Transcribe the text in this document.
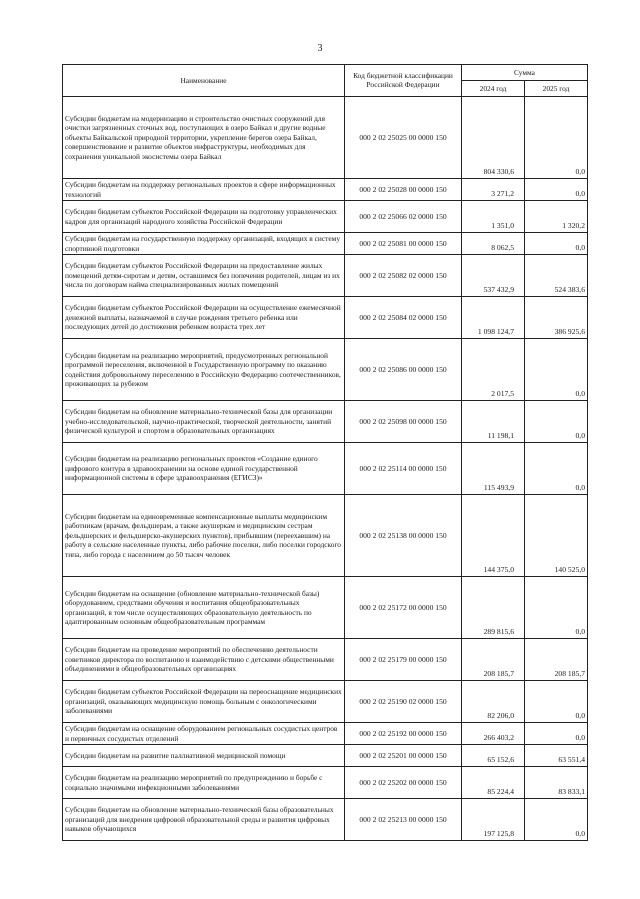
3
Наименование	Код бюджетной классификации Российской Федерации	Сумма	
		2024 год	2025 год
Субсидии бюджетам на модернизацию и строительство очистных сооружений для очистки загрязненных сточных вод, поступающих в озеро Байкал и другие водные объекты Байкальской природной территории, укрепление берегов озера Байкал, совершенствование и развитие объектов инфраструктуры, необходимых для сохранения уникальной экосистемы озера Байкал	000 2 02 25025 00 0000 150	804 330,6	0,0
Субсидии бюджетам на поддержку региональных проектов в сфере информационных технологий	000 2 02 25028 00 0000 150	3 271,2	0,0
Субсидии бюджетам субъектов Российской Федерации на подготовку управленческих кадров для организаций народного хозяйства Российской Федерации	000 2 02 25066 02 0000 150	1 351,0	1 320,2
Субсидии бюджетам на государственную поддержку организаций, входящих в систему спортивной подготовки	000 2 02 25081 00 0000 150	8 062,5	0,0
Субсидии бюджетам субъектов Российской Федерации на предоставление жилых помещений детям-сиротам и детям, оставшимся без попечения родителей, лицам из их числа по договорам найма специализированных жилых помещений	000 2 02 25082 02 0000 150	537 432,9	524 383,6
Субсидии бюджетам субъектов Российской Федерации на осуществление ежемесячной денежной выплаты, назначаемой в случае рождения третьего ребенка или последующих детей до достижения ребенком возраста трех лет	000 2 02 25084 02 0000 150	1 098 124,7	386 925,6
Субсидии бюджетам на реализацию мероприятий, предусмотренных региональной программой переселения, включенной в Государственную программу по оказанию содействия добровольному переселению в Российскую Федерацию соотечественников, проживающих за рубежом	000 2 02 25086 00 0000 150	2 017,5	0,0
Субсидии бюджетам на обновление материально-технической базы для организации учебно-исследовательской, научно-практической, творческой деятельности, занятий физической культурой и спортом в образовательных организациях	000 2 02 25098 00 0000 150	11 198,1	0,0
Субсидии бюджетам на реализацию региональных проектов «Создание единого цифрового контура в здравоохранении на основе единой государственной информационной системы в сфере здравоохранения (ЕГИСЗ)»	000 2 02 25114 00 0000 150	115 493,9	0,0
Субсидии бюджетам на единовременные компенсационные выплаты медицинским работникам (врачам, фельдшерам, а также акушеркам и медицинским сестрам фельдшерских и фельдшерско-акушерских пунктов), прибывшим (переехавшим) на работу в сельские населенные пункты, либо рабочие поселки, либо поселки городского типа, либо города с населением до 50 тысяч человек	000 2 02 25138 00 0000 150	144 375,0	140 525,0
Субсидии бюджетам на оснащение (обновление материально-технической базы) оборудованием, средствами обучения и воспитания общеобразовательных организаций, в том числе осуществляющих образовательную деятельность по адаптированным основным общеобразовательным программам	000 2 02 25172 00 0000 150	289 815,6	0,0
Субсидии бюджетам на проведение мероприятий по обеспечению деятельности советников директора по воспитанию и взаимодействию с детскими общественными объединениями в общеобразовательных организациях	000 2 02 25179 00 0000 150	208 185,7	208 185,7
Субсидии бюджетам субъектов Российской Федерации на переоснащение медицинских организаций, оказывающих медицинскую помощь больным с онкологическими заболеваниями	000 2 02 25190 02 0000 150	82 206,0	0,0
Субсидии бюджетам на оснащение оборудованием региональных сосудистых центров и первичных сосудистых отделений	000 2 02 25192 00 0000 150	266 403,2	0,0
Субсидии бюджетам на развитие паллиативной медицинской помощи	000 2 02 25201 00 0000 150	65 152,6	63 551,4
Субсидии бюджетам на реализацию мероприятий по предупреждению и борьбе с социально значимыми инфекционными заболеваниями	000 2 02 25202 00 0000 150	85 224,4	83 833,1
Субсидии бюджетам на обновление материально-технической базы образовательных организаций для внедрения цифровой образовательной среды и развития цифровых навыков обучающихся	000 2 02 25213 00 0000 150	197 125,8	0,0
